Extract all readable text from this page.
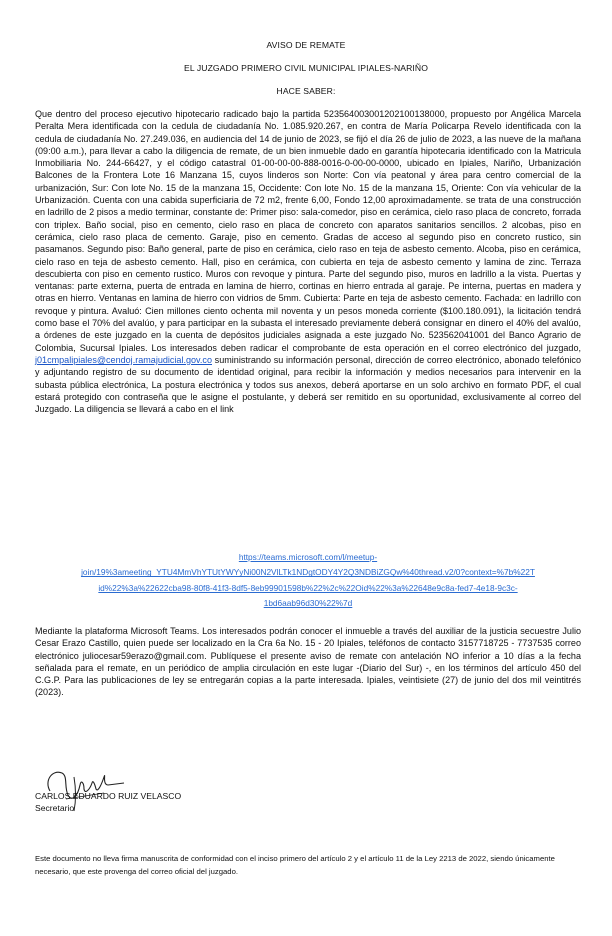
AVISO DE REMATE
EL JUZGADO PRIMERO CIVIL MUNICIPAL IPIALES-NARIÑO
HACE SABER:
Que dentro del proceso ejecutivo hipotecario radicado bajo la partida 523564003001202100138000, propuesto por Angélica Marcela Peralta Mera identificada con la cedula de ciudadanía No. 1.085.920.267, en contra de María Policarpa Revelo identificada con la cedula de ciudadanía No. 27.249.036, en audiencia del 14 de junio de 2023, se fijó el día 26 de julio de 2023, a las nueve de la mañana (09:00 a.m.), para llevar a cabo la diligencia de remate, de un bien inmueble dado en garantía hipotecaria identificado con la Matricula Inmobiliaria No. 244-66427, y el código catastral 01-00-00-00-888-0016-0-00-00-0000, ubicado en Ipiales, Nariño, Urbanización Balcones de la Frontera Lote 16 Manzana 15, cuyos linderos son Norte: Con vía peatonal y área para centro comercial de la urbanización, Sur: Con lote No. 15 de la manzana 15, Occidente: Con lote No. 15 de la manzana 15, Oriente: Con vía vehicular de la Urbanización. Cuenta con una cabida superficiaria de 72 m2, frente 6,00, Fondo 12,00 aproximadamente. se trata de una construcción en ladrillo de 2 pisos a medio terminar, constante de: Primer piso: sala-comedor, piso en cerámica, cielo raso placa de concreto, forrada con triplex. Baño social, piso en cemento, cielo raso en placa de concreto con aparatos sanitarios sencillos. 2 alcobas, piso en cerámica, cielo raso placa de cemento. Garaje, piso en cemento. Gradas de acceso al segundo piso en concreto rustico, sin pasamanos. Segundo piso: Baño general, parte de piso en cerámica, cielo raso en teja de asbesto cemento. Alcoba, piso en cerámica, cielo raso en teja de asbesto cemento. Hall, piso en cerámica, con cubierta en teja de asbesto cemento y lamina de zinc. Terraza descubierta con piso en cemento rustico. Muros con revoque y pintura. Parte del segundo piso, muros en ladrillo a la vista. Puertas y ventanas: parte externa, puerta de entrada en lamina de hierro, cortinas en hierro entrada al garaje. Pe interna, puertas en madera y otras en hierro. Ventanas en lamina de hierro con vidrios de 5mm. Cubierta: Parte en teja de asbesto cemento. Fachada: en ladrillo con revoque y pintura. Avaluó: Cien millones ciento ochenta mil noventa y un pesos moneda corriente ($100.180.091), la licitación tendrá como base el 70% del avalúo, y para participar en la subasta el interesado previamente deberá consignar en dinero el 40% del avalúo, a órdenes de este juzgado en la cuenta de depósitos judiciales asignada a este juzgado No. 523562041001 del Banco Agrario de Colombia, Sucursal Ipiales. Los interesados deben radicar el comprobante de esta operación en el correo electrónico del juzgado, j01cmpalipiales@cendoj.ramajudicial.gov.co suministrando su información personal, dirección de correo electrónico, abonado telefónico y adjuntando registro de su documento de identidad original, para recibir la información y medios necesarios para intervenir en la subasta pública electrónica, La postura electrónica y todos sus anexos, deberá aportarse en un solo archivo en formato PDF, el cual estará protegido con contraseña que le asigne el postulante, y deberá ser remitido en su oportunidad, exclusivamente al correo del Juzgado. La diligencia se llevará a cabo en el link
https://teams.microsoft.com/l/meetup-
join/19%3ameeting_YTU4MmVhYTUtYWYyNi00N2VlLTk1NDgtODY4Y2Q3NDBiZGQw%40thread.v2/0?context=%7b%22T
id%22%3a%22622cba98-80f8-41f3-8df5-8eb99901598b%22%2c%22Oid%22%3a%22648e9c8a-fed7-4e18-9c3c-
1bd6aab96d30%22%7d
Mediante la plataforma Microsoft Teams. Los interesados podrán conocer el inmueble a través del auxiliar de la justicia secuestre Julio Cesar Erazo Castillo, quien puede ser localizado en la Cra 6a No. 15 - 20 Ipiales, teléfonos de contacto 3157718725 - 7737535 correo electrónico juliocesar59erazo@gmail.com. Publíquese el presente aviso de remate con antelación NO inferior a 10 días a la fecha señalada para el remate, en un periódico de amplia circulación en este lugar -(Diario del Sur) -, en los términos del artículo 450 del C.G.P. Para las publicaciones de ley se entregarán copias a la parte interesada. Ipiales, veintisiete (27) de junio del dos mil veintitrés (2023).
CARLOS EDUARDO RUIZ VELASCO
Secretario
Este documento no lleva firma manuscrita de conformidad con el inciso primero del artículo 2 y el artículo 11 de la Ley 2213 de 2022, siendo únicamente necesario, que este provenga del correo oficial del juzgado.
